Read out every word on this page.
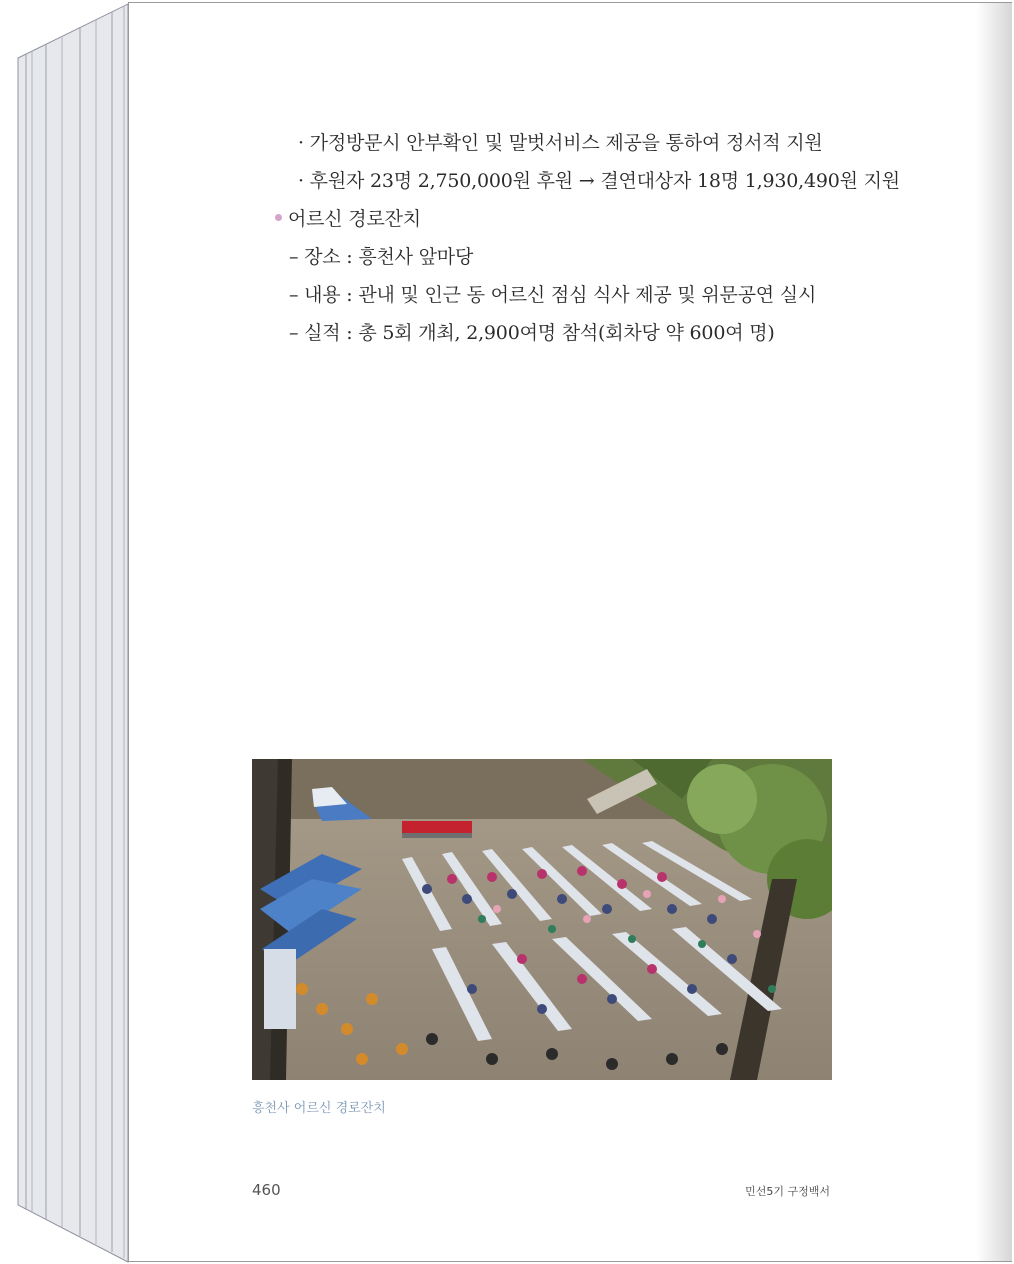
· 가정방문시 안부확인 및 말벗서비스 제공을 통하여 정서적 지원
· 후원자 23명 2,750,000원 후원 → 결연대상자 18명 1,930,490원 지원
어르신 경로잔치
– 장소 : 흥천사 앞마당
– 내용 : 관내 및 인근 동 어르신 점심 식사 제공 및 위문공연 실시
– 실적 : 총 5회 개최, 2,900여명 참석(회차당 약 600여 명)
흥천사 어르신 경로잔치
460	민선5기 구정백서
